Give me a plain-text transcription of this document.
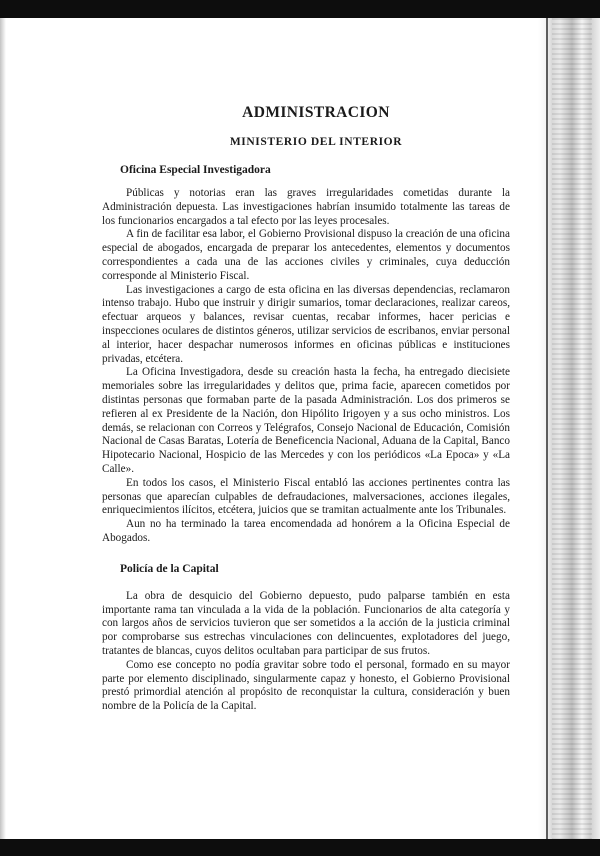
ADMINISTRACION
MINISTERIO DEL INTERIOR
Oficina Especial Investigadora

Públicas y notorias eran las graves irregularidades cometidas durante la Administración depuesta. Las investigaciones habrían insumido totalmente las tareas de los funcionarios encargados a tal efecto por las leyes procesales.

A fin de facilitar esa labor, el Gobierno Provisional dispuso la creación de una oficina especial de abogados, encargada de preparar los antecedentes, elementos y documentos correspondientes a cada una de las acciones civiles y criminales, cuya deducción corresponde al Ministerio Fiscal.

Las investigaciones a cargo de esta oficina en las diversas dependencias, reclamaron intenso trabajo. Hubo que instruir y dirigir sumarios, tomar declaraciones, realizar careos, efectuar arqueos y balances, revisar cuentas, recabar informes, hacer pericias e inspecciones oculares de distintos géneros, utilizar servicios de escribanos, enviar personal al interior, hacer despachar numerosos informes en oficinas públicas e instituciones privadas, etcétera.

La Oficina Investigadora, desde su creación hasta la fecha, ha entregado diecisiete memoriales sobre las irregularidades y delitos que, prima facie, aparecen cometidos por distintas personas que formaban parte de la pasada Administración. Los dos primeros se refieren al ex Presidente de la Nación, don Hipólito Irigoyen y a sus ocho ministros. Los demás, se relacionan con Correos y Telégrafos, Consejo Nacional de Educación, Comisión Nacional de Casas Baratas, Lotería de Beneficencia Nacional, Aduana de la Capital, Banco Hipotecario Nacional, Hospicio de las Mercedes y con los periódicos «La Epoca» y «La Calle».

En todos los casos, el Ministerio Fiscal entabló las acciones pertinentes contra las personas que aparecían culpables de defraudaciones, malversaciones, acciones ilegales, enriquecimientos ilícitos, etcétera, juicios que se tramitan actualmente ante los Tribunales.

Aun no ha terminado la tarea encomendada ad honórem a la Oficina Especial de Abogados.

Policía de la Capital

La obra de desquicio del Gobierno depuesto, pudo palparse también en esta importante rama tan vinculada a la vida de la población. Funcionarios de alta categoría y con largos años de servicios tuvieron que ser sometidos a la acción de la justicia criminal por comprobarse sus estrechas vinculaciones con delincuentes, explotadores del juego, tratantes de blancas, cuyos delitos ocultaban para participar de sus frutos.

Como ese concepto no podía gravitar sobre todo el personal, formado en su mayor parte por elemento disciplinado, singularmente capaz y honesto, el Gobierno Provisional prestó primordial atención al propósito de reconquistar la cultura, consideración y buen nombre de la Policía de la Capital.
